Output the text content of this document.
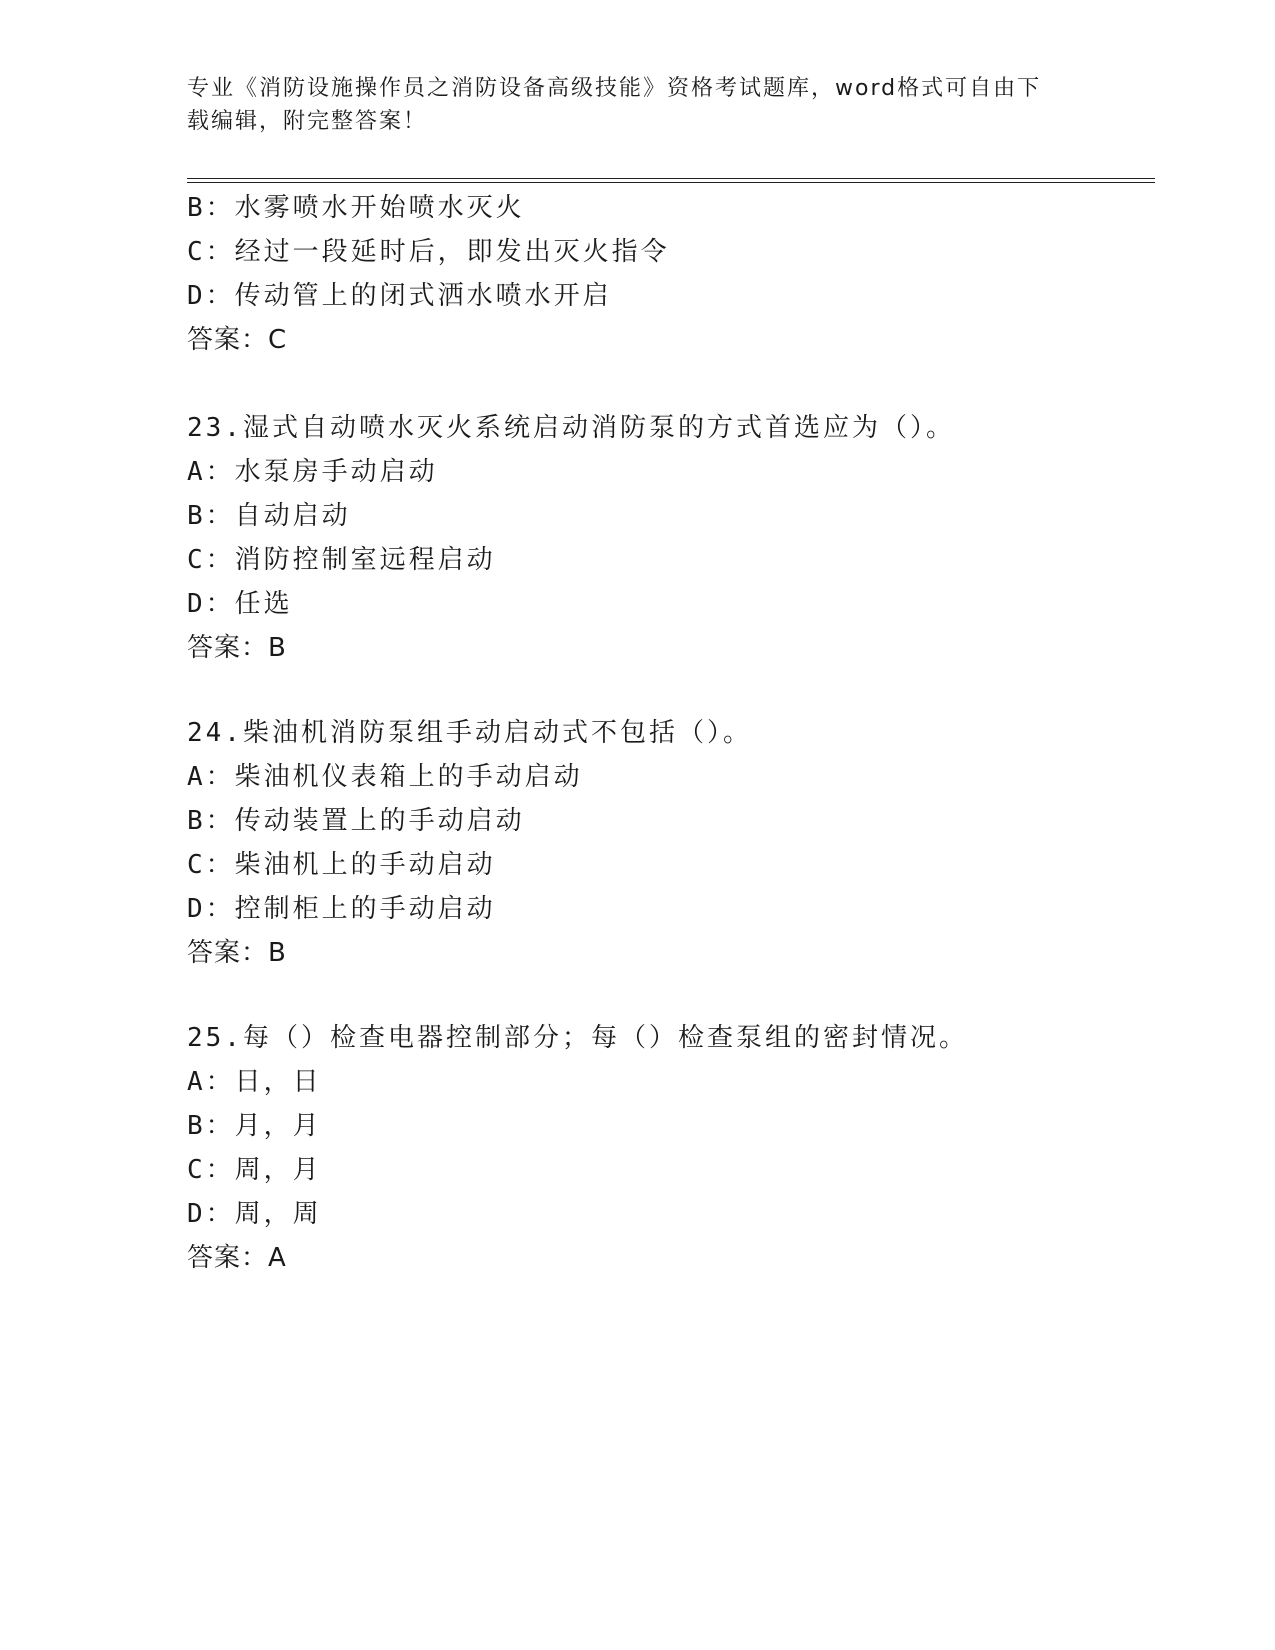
专业《消防设施操作员之消防设备高级技能》资格考试题库，word格式可自由下
载编辑，附完整答案！
B：水雾喷水开始喷水灭火
C：经过一段延时后，即发出灭火指令
D：传动管上的闭式洒水喷水开启
答案：C
23.湿式自动喷水灭火系统启动消防泵的方式首选应为（）。
A：水泵房手动启动
B：自动启动
C：消防控制室远程启动
D：任选
答案：B
24.柴油机消防泵组手动启动式不包括（）。
A：柴油机仪表箱上的手动启动
B：传动装置上的手动启动
C：柴油机上的手动启动
D：控制柜上的手动启动
答案：B
25.每（）检查电器控制部分；每（）检查泵组的密封情况。
A：日，日
B：月，月
C：周，月
D：周，周
答案：A
